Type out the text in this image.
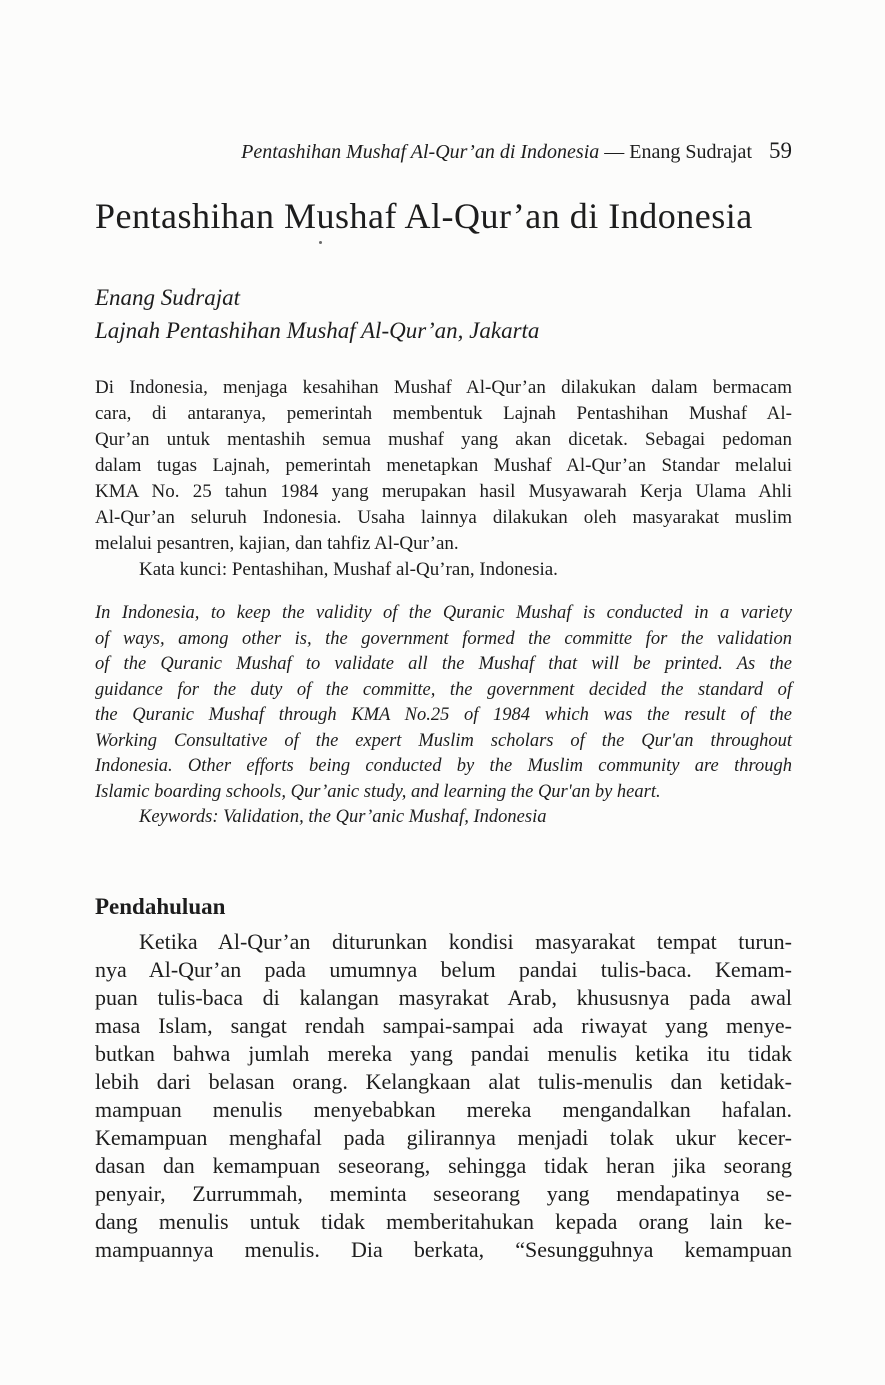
Pentashihan Mushaf Al-Qur’an di Indonesia — Enang Sudrajat 59
Pentashihan Mushaf Al-Qur’an di Indonesia
Enang Sudrajat
Lajnah Pentashihan Mushaf Al-Qur’an, Jakarta
Di Indonesia, menjaga kesahihan Mushaf Al-Qur’an dilakukan dalam bermacam
cara, di antaranya, pemerintah membentuk Lajnah Pentashihan Mushaf Al-
Qur’an untuk mentashih semua mushaf yang akan dicetak. Sebagai pedoman
dalam tugas Lajnah, pemerintah menetapkan Mushaf Al-Qur’an Standar melalui
KMA No. 25 tahun 1984 yang merupakan hasil Musyawarah Kerja Ulama Ahli
Al-Qur’an seluruh Indonesia. Usaha lainnya dilakukan oleh masyarakat muslim
melalui pesantren, kajian, dan tahfiz Al-Qur’an.
Kata kunci: Pentashihan, Mushaf al-Qu’ran, Indonesia.
In Indonesia, to keep the validity of the Quranic Mushaf is conducted in a variety
of ways, among other is, the government formed the committe for the validation
of the Quranic Mushaf to validate all the Mushaf that will be printed. As the
guidance for the duty of the committe, the government decided the standard of
the Quranic Mushaf through KMA No.25 of 1984 which was the result of the
Working Consultative of the expert Muslim scholars of the Qur'an throughout
Indonesia. Other efforts being conducted by the Muslim community are through
Islamic boarding schools, Qur’anic study, and learning the Qur'an by heart.
Keywords: Validation, the Qur’anic Mushaf, Indonesia
Pendahuluan
Ketika Al-Qur’an diturunkan kondisi masyarakat tempat turun-
nya Al-Qur’an pada umumnya belum pandai tulis-baca. Kemam-
puan tulis-baca di kalangan masyrakat Arab, khususnya pada awal
masa Islam, sangat rendah sampai-sampai ada riwayat yang menye-
butkan bahwa jumlah mereka yang pandai menulis ketika itu tidak
lebih dari belasan orang. Kelangkaan alat tulis-menulis dan ketidak-
mampuan menulis menyebabkan mereka mengandalkan hafalan.
Kemampuan menghafal pada gilirannya menjadi tolak ukur kecer-
dasan dan kemampuan seseorang, sehingga tidak heran jika seorang
penyair, Zurrummah, meminta seseorang yang mendapatinya se-
dang menulis untuk tidak memberitahukan kepada orang lain ke-
mampuannya menulis. Dia berkata, “Sesungguhnya kemampuan
